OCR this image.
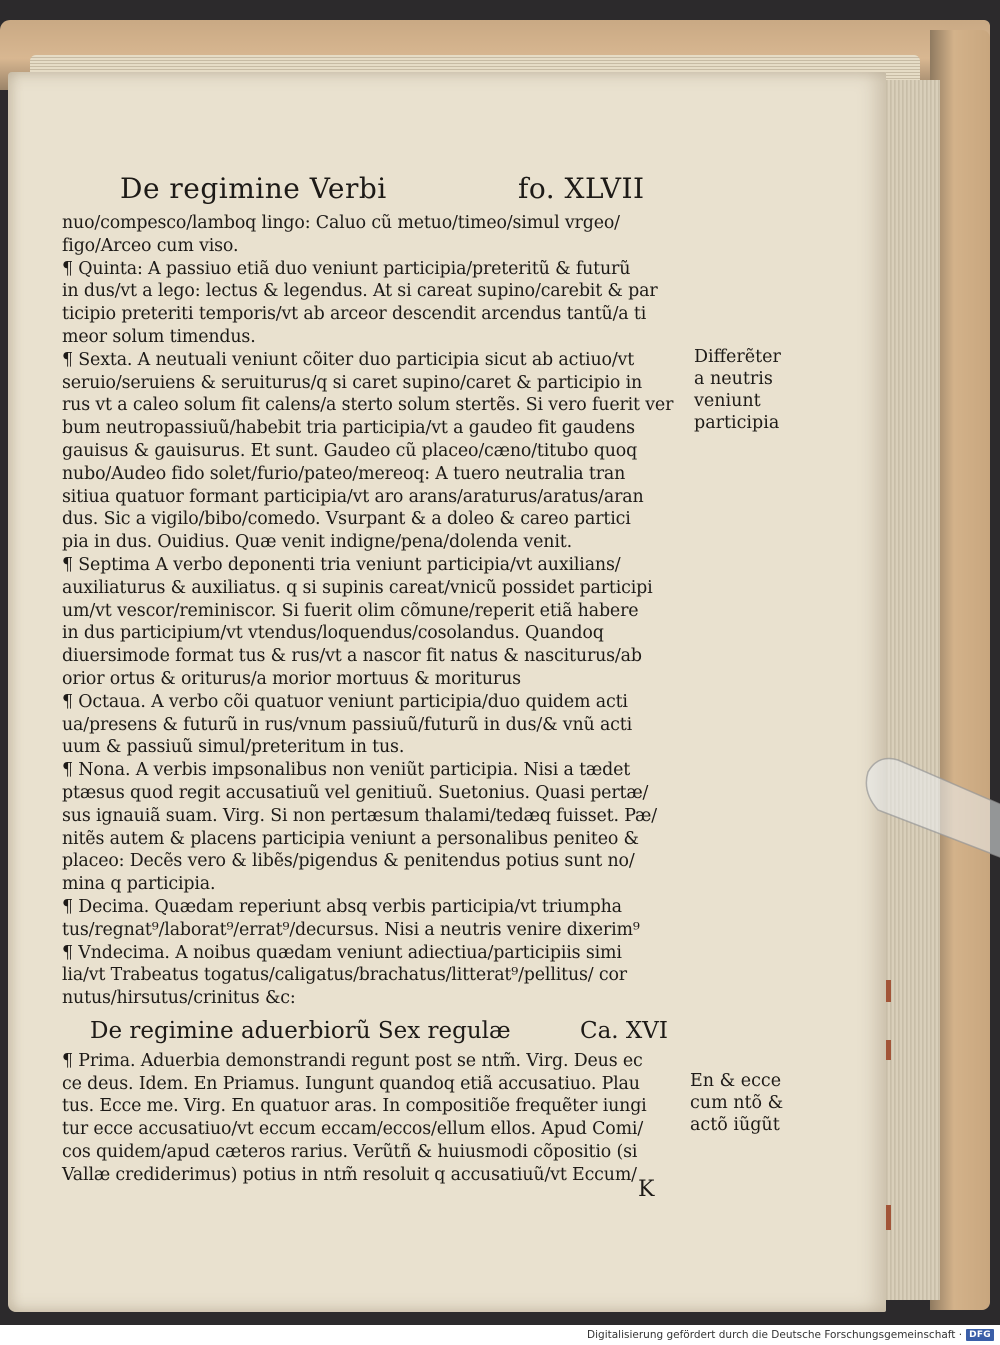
De regimine Verbi	fo. XLVII
nuo/compesco/lamboq lingo: Caluo cũ metuo/timeo/simul vrgeo/
figo/Arceo cum viso.
¶ Quinta: A passiuo etiã duo veniunt participia/preteritũ & futurũ
in dus/vt a lego: lectus & legendus. At si careat supino/carebit & par
ticipio preteriti temporis/vt ab arceor descendit arcendus tantũ/a ti
meor solum timendus.
¶ Sexta. A neutuali veniunt cõiter duo participia sicut ab actiuo/vt
seruio/seruiens & seruiturus/q si caret supino/caret & participio in
rus vt a caleo solum fit calens/a sterto solum stertẽs. Si vero fuerit ver
bum neutropassiuũ/habebit tria participia/vt a gaudeo fit gaudens
gauisus & gauisurus. Et sunt. Gaudeo cũ placeo/cæno/titubo quoq
nubo/Audeo fido solet/furio/pateo/mereoq: A tuero neutralia tran
sitiua quatuor formant participia/vt aro arans/araturus/aratus/aran
dus. Sic a vigilo/bibo/comedo. Vsurpant & a doleo & careo partici
pia in dus. Ouidius. Quæ venit indigne/pena/dolenda venit.
¶ Septima A verbo deponenti tria veniunt participia/vt auxilians/
auxiliaturus & auxiliatus. q si supinis careat/vnicũ possidet participi
um/vt vescor/reminiscor. Si fuerit olim cõmune/reperit etiã habere
in dus participium/vt vtendus/loquendus/cosolandus. Quandoq
diuersimode format tus & rus/vt a nascor fit natus & nasciturus/ab
orior ortus & oriturus/a morior mortuus & moriturus
¶ Octaua. A verbo cõi quatuor veniunt participia/duo quidem acti
ua/presens & futurũ in rus/vnum passiuũ/futurũ in dus/& vnũ acti
uum & passiuũ simul/preteritum in tus.
¶ Nona. A verbis impsonalibus non veniũt participia. Nisi a tædet
ptæsus quod regit accusatiuũ vel genitiuũ. Suetonius. Quasi pertæ/
sus ignauiã suam. Virg. Si non pertæsum thalami/tedæq fuisset. Pæ/
nitẽs autem & placens participia veniunt a personalibus peniteo &
placeo: Decẽs vero & libẽs/pigendus & penitendus potius sunt no/
mina q participia.
¶ Decima. Quædam reperiunt absq verbis participia/vt triumpha
tus/regnat⁹/laborat⁹/errat⁹/decursus. Nisi a neutris venire dixerim⁹
¶ Vndecima. A noibus quædam veniunt adiectiua/participiis simi
lia/vt Trabeatus togatus/caligatus/brachatus/litterat⁹/pellitus/ cor
nutus/hirsutus/crinitus &c:
De regimine aduerbiorũ Sex regulæ	Ca. XVI
¶ Prima. Aduerbia demonstrandi regunt post se ntm̃. Virg. Deus ec
ce deus. Idem. En Priamus. Iungunt quandoq etiã accusatiuo. Plau
tus. Ecce me. Virg. En quatuor aras. In compositiõe frequẽter iungi
tur ecce accusatiuo/vt eccum eccam/eccos/ellum ellos. Apud Comi/
cos quidem/apud cæteros rarius. Verũtñ & huiusmodi cõpositio (si
Vallæ crediderimus) potius in ntm̃ resoluit q accusatiuũ/vt Eccum/
K
Differẽter
a neutris
veniunt
participia
En & ecce
cum ntõ &
actõ iũgũt
Digitalisierung gefördert durch die Deutsche Forschungsgemeinschaft · DFG
